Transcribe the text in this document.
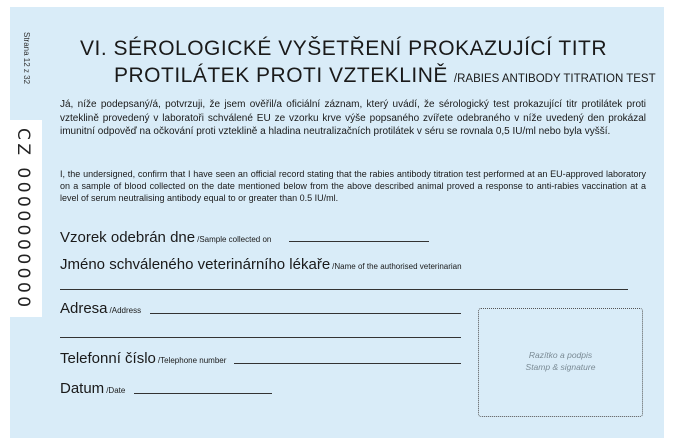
Strana 12 z 32
CZ 0000000000
VI. SÉROLOGICKÉ VYŠETŘENÍ PROKAZUJÍCÍ TITR
PROTILÁTEK PROTI VZTEKLINĚ /RABIES ANTIBODY TITRATION TEST

Já, níže podepsaný/á, potvrzuji, že jsem ověřil/a oficiální záznam, který uvádí, že sérologický test prokazující titr protilátek proti vzteklině provedený v laboratoři schválené EU ze vzorku krve výše popsaného zvířete odebraného v níže uvedený den prokázal imunitní odpověď na očkování proti vzteklině a hladina neutralizačních protilátek v séru se rovnala 0,5 IU/ml nebo byla vyšší.

I, the undersigned, confirm that I have seen an official record stating that the rabies antibody titration test performed at an EU-approved laboratory on a sample of blood collected on the date mentioned below from the above described animal proved a response to anti-rabies vaccination at a level of serum neutralising antibody equal to or greater than 0.5 IU/ml.

Vzorek odebrán dne /Sample collected on
Jméno schváleného veterinárního lékaře /Name of the authorised veterinarian
Adresa /Address
Telefonní číslo /Telephone number
Datum /Date
Razítko a podpis
Stamp & signature
